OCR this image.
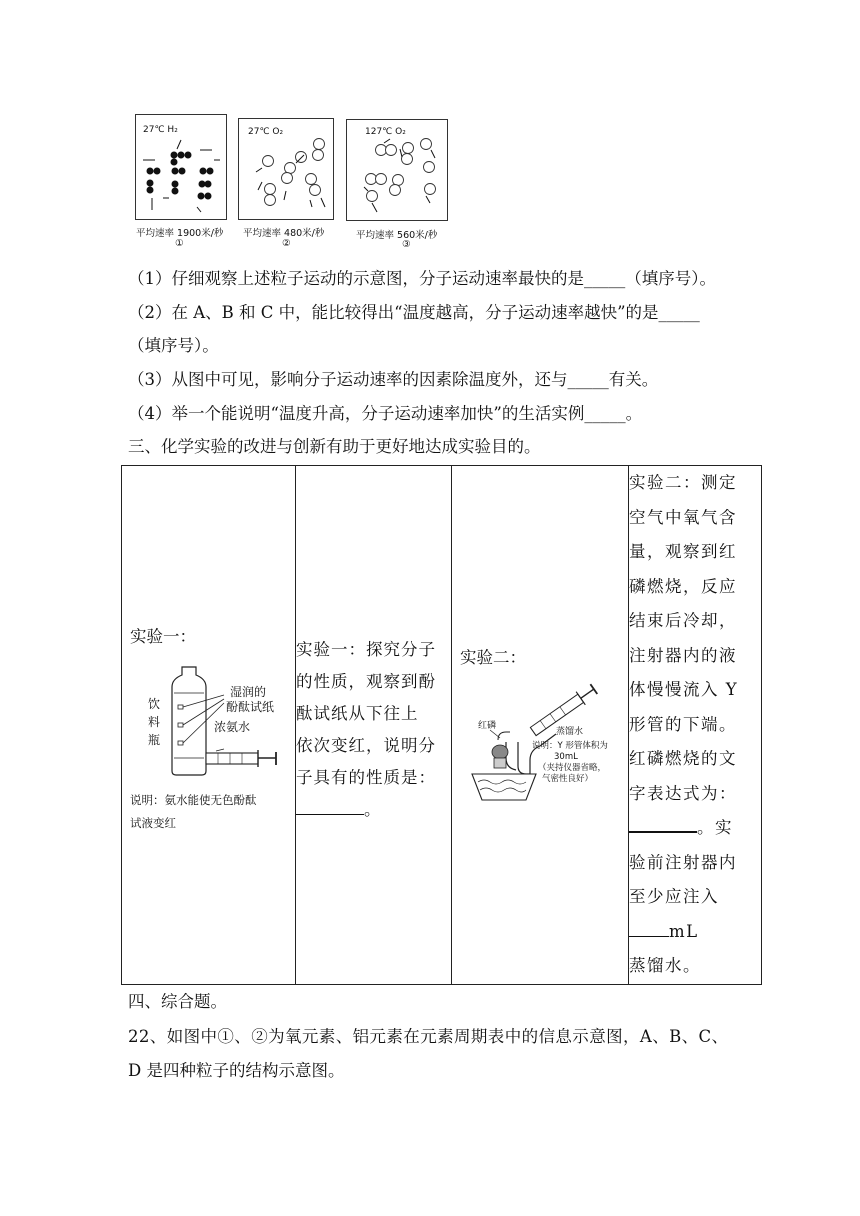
27℃ H₂
平均速率 1900米/秒
①
27℃ O₂
平均速率 480米/秒
②
127℃ O₂
平均速率 560米/秒
③
（1）仔细观察上述粒子运动的示意图，分子运动速率最快的是_____（填序号）。
（2）在 A、B 和 C 中，能比较得出“温度越高，分子运动速率越快”的是_____
（填序号）。
（3）从图中可见，影响分子运动速率的因素除温度外，还与_____有关。
（4）举一个能说明“温度升高，分子运动速率加快”的生活实例_____。
三、化学实验的改进与创新有助于更好地达成实验目的。
实验一：
湿润的
酚酞试纸
浓氨水
饮
料
瓶
说明：氨水能使无色酚酞
试液变红

实验一：探究分子
的性质，观察到酚
酞试纸从下往上
依次变红，说明分
子具有的性质是：
。

实验二：
红磷
蒸馏水
说明：Y 形管体积为
30mL
（夹持仪器省略，
气密性良好）

实验二：测定
空气中氧气含
量，观察到红
磷燃烧，反应
结束后冷却，
注射器内的液
体慢慢流入 Y
形管的下端。
红磷燃烧的文
字表达式为：
。实
验前注射器内
至少应注入
mL
蒸馏水。
四、综合题。
22、如图中①、②为氧元素、铝元素在元素周期表中的信息示意图，A、B、C、
D 是四种粒子的结构示意图。
